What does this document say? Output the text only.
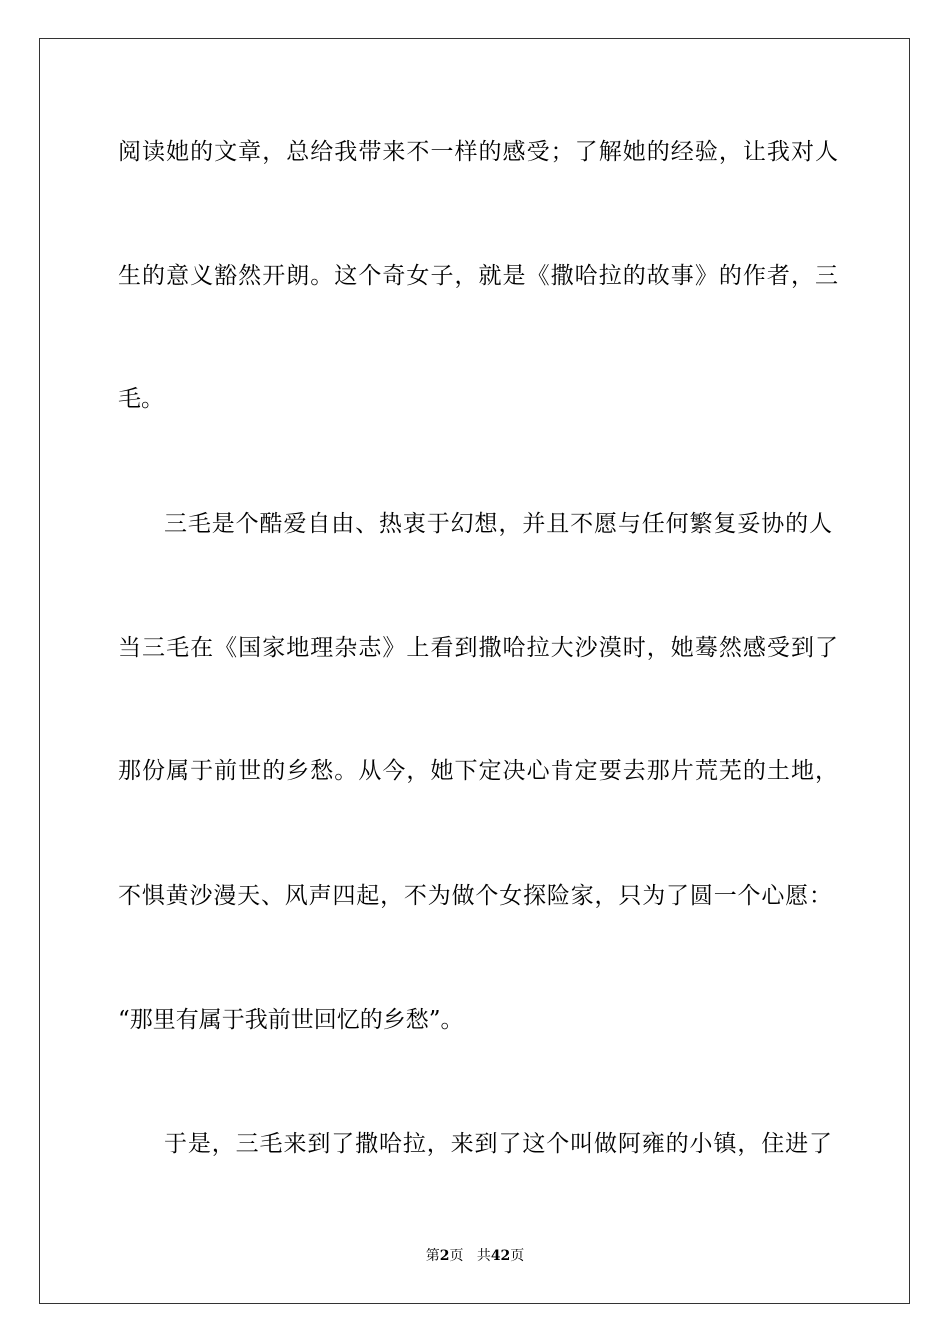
阅读她的文章，总给我带来不一样的感受；了解她的经验，让我对人
生的意义豁然开朗。这个奇女子，就是《撒哈拉的故事》的作者，三
毛。
三毛是个酷爱自由、热衷于幻想，并且不愿与任何繁复妥协的人
当三毛在《国家地理杂志》上看到撒哈拉大沙漠时，她蓦然感受到了
那份属于前世的乡愁。从今，她下定决心肯定要去那片荒芜的土地，
不惧黄沙漫天、风声四起，不为做个女探险家，只为了圆一个心愿：
“那里有属于我前世回忆的乡愁”。
于是，三毛来到了撒哈拉，来到了这个叫做阿雍的小镇，住进了
第2页 共42页
